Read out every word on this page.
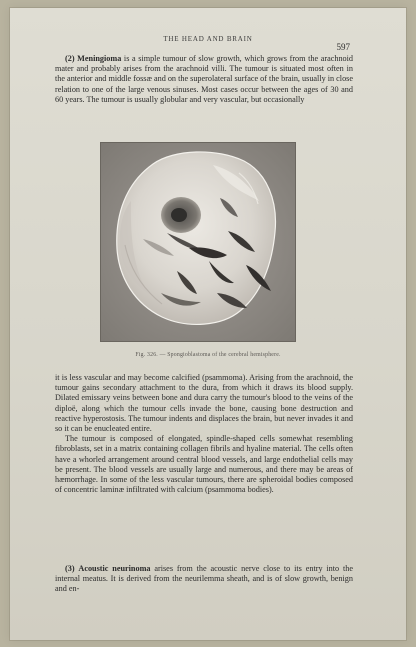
THE HEAD AND BRAIN
597

(2) Meningioma is a simple tumour of slow growth, which grows from the arachnoid mater and probably arises from the arachnoid villi. The tumour is situated most often in the anterior and middle fossæ and on the superolateral surface of the brain, usually in close relation to one of the large venous sinuses. Most cases occur between the ages of 30 and 60 years. The tumour is usually globular and very vascular, but occasionally

Fig. 326. — Spongioblastoma of the cerebral hemisphere.

it is less vascular and may become calcified (psammoma). Arising from the arachnoid, the tumour gains secondary attachment to the dura, from which it draws its blood supply. Dilated emissary veins between bone and dura carry the tumour's blood to the veins of the diploë, along which the tumour cells invade the bone, causing bone destruction and reactive hyperostosis. The tumour indents and displaces the brain, but never invades it and so it can be enucleated entire.

The tumour is composed of elongated, spindle-shaped cells somewhat resembling fibroblasts, set in a matrix containing collagen fibrils and hyaline material. The cells often have a whorled arrangement around central blood vessels, and large endothelial cells may be present. The blood vessels are usually large and numerous, and there may be areas of hæmorrhage. In some of the less vascular tumours, there are spheroidal bodies composed of concentric laminæ infiltrated with calcium (psammoma bodies).

(3) Acoustic neurinoma arises from the acoustic nerve close to its entry into the internal meatus. It is derived from the neurilemma sheath, and is of slow growth, benign and en-
